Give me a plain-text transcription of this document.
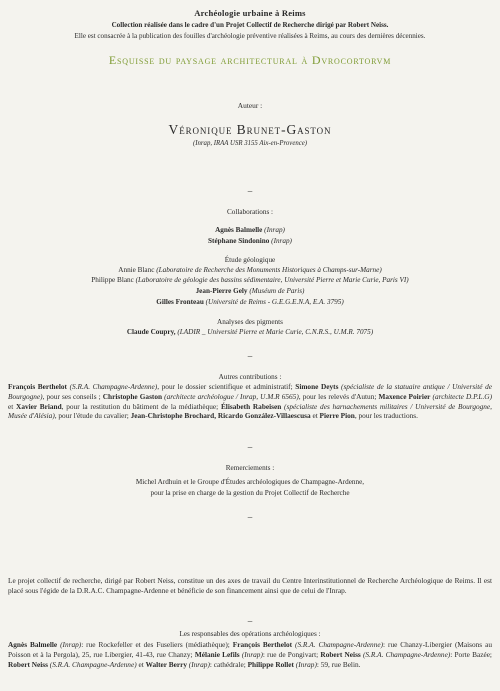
Archéologie urbaine à Reims
Collection réalisée dans le cadre d'un Projet Collectif de Recherche dirigé par Robert Neiss.
Elle est consacrée à la publication des fouilles d'archéologie préventive réalisées à Reims, au cours des dernières décennies.
Esquisse du paysage architectural à Dvrocortorvm
Auteur :
Véronique Brunet-Gaston
(Inrap, IRAA USR 3155 Aix-en-Provence)
–
Collaborations :
Agnès Balmelle (Inrap)
Stéphane Sindonino (Inrap)
Étude géologique
Annie Blanc (Laboratoire de Recherche des Monuments Historiques à Champs-sur-Marne)
Philippe Blanc (Laboratoire de géologie des bassins sédimentaire, Université Pierre et Marie Curie, Paris VI)
Jean-Pierre Gely (Muséum de Paris)
Gilles Fronteau (Université de Reims - G.E.G.E.N.A, E.A. 3795)
Analyses des pigments
Claude Coupry, (LADIR _ Université Pierre et Marie Curie, C.N.R.S., U.M.R. 7075)
–
Autres contributions :
François Berthelot (S.R.A. Champagne-Ardenne), pour le dossier scientifique et administratif; Simone Deyts (spécialiste de la statuaire antique / Université de Bourgogne), pour ses conseils ; Christophe Gaston (architecte archéologue / Inrap, U.M.R 6565), pour les relevés d'Autun; Maxence Poirier (architecte D.P.L.G) et Xavier Briand, pour la restitution du bâtiment de la médiathèque; Élisabeth Rabeisen (spécialiste des harnachements militaires / Université de Bourgogne, Musée d'Alésia), pour l'étude du cavalier; Jean-Christophe Brochard, Ricardo González-Villaescusa et Pierre Pion, pour les traductions.
–
Remerciements :
Michel Ardhuin et le Groupe d'Études archéologiques de Champagne-Ardenne,
pour la prise en charge de la gestion du Projet Collectif de Recherche
–
Le projet collectif de recherche, dirigé par Robert Neiss, constitue un des axes de travail du Centre Interinstitutionnel de Recherche Archéologique de Reims. Il est placé sous l'égide de la D.R.A.C. Champagne-Ardenne et bénéficie de son financement ainsi que de celui de l'Inrap.
–
Les responsables des opérations archéologiques :
Agnès Balmelle (Inrap): rue Rockefeller et des Fuseliers (médiathèque); François Berthelot (S.R.A. Champagne-Ardenne): rue Chanzy-Libergier (Maisons au Poisson et à la Pergola), 25, rue Libergier, 41-43, rue Chanzy; Mélanie Lefils (Inrap): rue de Pongivart; Robert Neiss (S.R.A. Champagne-Ardenne): Porte Bazée; Robert Neiss (S.R.A. Champagne-Ardenne) et Walter Berry (Inrap): cathédrale; Philippe Rollet (Inrap): 59, rue Belin.
